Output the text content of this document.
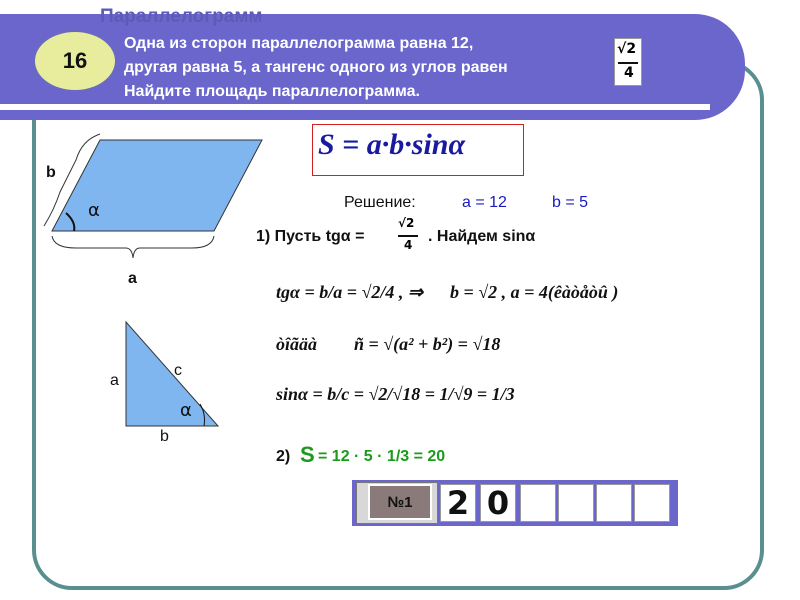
Параллелограмм
16
Одна из сторон параллелограмма равна 12,
другая равна 5, а тангенс одного из углов равен
Найдите площадь параллелограмма.
√2
4
b
α
a
a
c
α
b
S = a·b·sinα
Решение:	a = 12	b = 5
1) Пусть tgα =
√2
4 . Найдем sinα
tgα = b/a = √2/4 , ⇒ b = √2 , a = 4(êàòåòû )
òîãäà ñ = √(a² + b²) = √18
sinα = b/c = √2/√18 = 1/√9 = 1/3
2) S = 12 · 5 · 1/3 = 20
№1	2 0
